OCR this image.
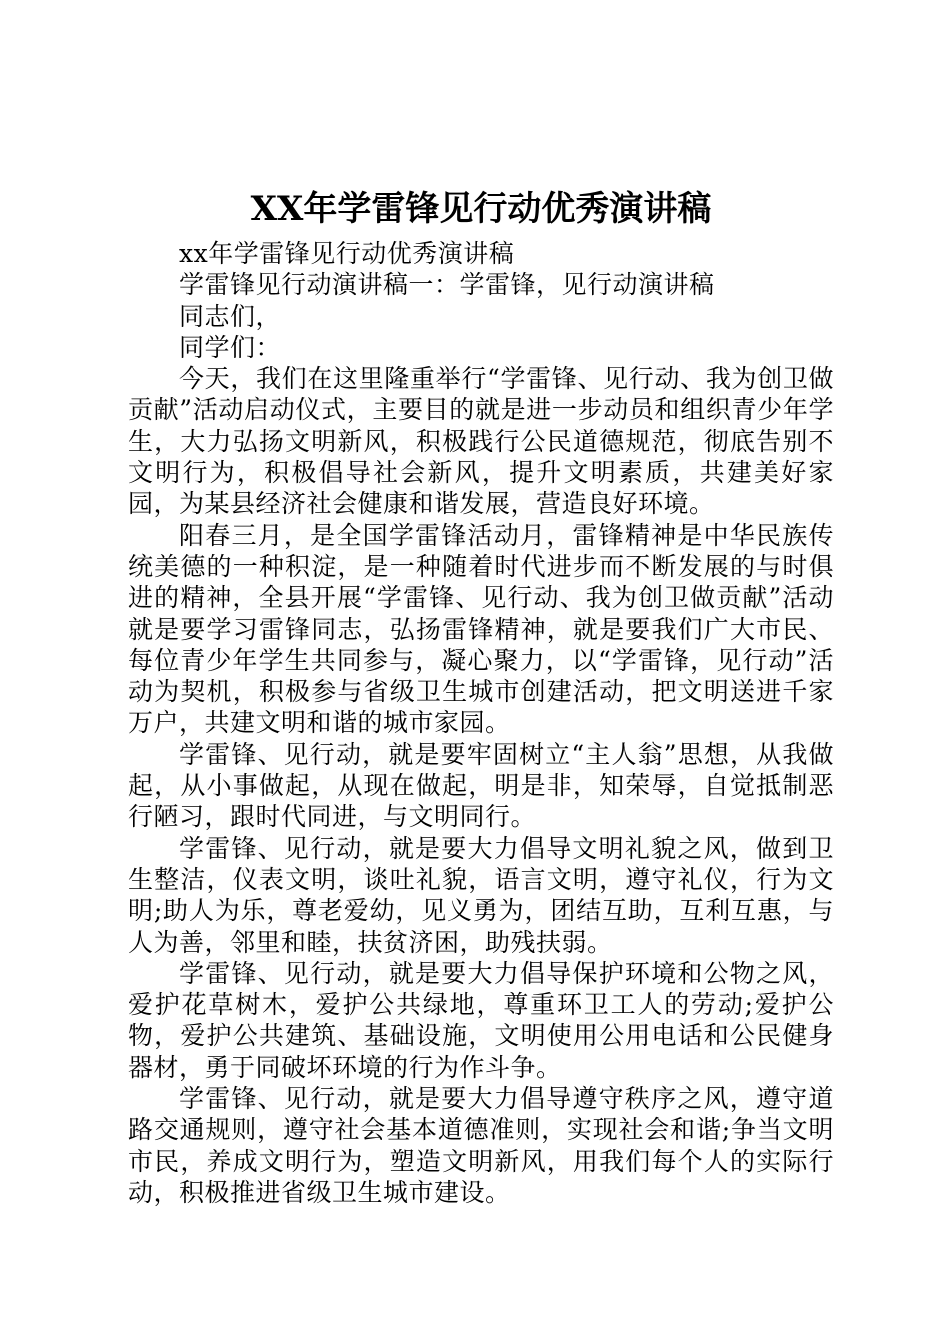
XX年学雷锋见行动优秀演讲稿

xx年学雷锋见行动优秀演讲稿

学雷锋见行动演讲稿一：学雷锋，见行动演讲稿

同志们，

同学们：

今天，我们在这里隆重举行“学雷锋、见行动、我为创卫做贡献”活动启动仪式，主要目的就是进一步动员和组织青少年学生，大力弘扬文明新风，积极践行公民道德规范，彻底告别不文明行为，积极倡导社会新风，提升文明素质，共建美好家园，为某县经济社会健康和谐发展，营造良好环境。

阳春三月，是全国学雷锋活动月，雷锋精神是中华民族传统美德的一种积淀，是一种随着时代进步而不断发展的与时俱进的精神，全县开展“学雷锋、见行动、我为创卫做贡献”活动就是要学习雷锋同志，弘扬雷锋精神，就是要我们广大市民、每位青少年学生共同参与，凝心聚力，以“学雷锋，见行动”活动为契机，积极参与省级卫生城市创建活动，把文明送进千家万户，共建文明和谐的城市家园。

学雷锋、见行动，就是要牢固树立“主人翁”思想，从我做起，从小事做起，从现在做起，明是非，知荣辱，自觉抵制恶行陋习，跟时代同进，与文明同行。

学雷锋、见行动，就是要大力倡导文明礼貌之风，做到卫生整洁，仪表文明，谈吐礼貌，语言文明，遵守礼仪，行为文明;助人为乐，尊老爱幼，见义勇为，团结互助，互利互惠，与人为善，邻里和睦，扶贫济困，助残扶弱。

学雷锋、见行动，就是要大力倡导保护环境和公物之风，爱护花草树木，爱护公共绿地，尊重环卫工人的劳动;爱护公物，爱护公共建筑、基础设施，文明使用公用电话和公民健身器材，勇于同破坏环境的行为作斗争。

学雷锋、见行动，就是要大力倡导遵守秩序之风，遵守道路交通规则，遵守社会基本道德准则，实现社会和谐;争当文明市民，养成文明行为，塑造文明新风，用我们每个人的实际行动，积极推进省级卫生城市建设。
